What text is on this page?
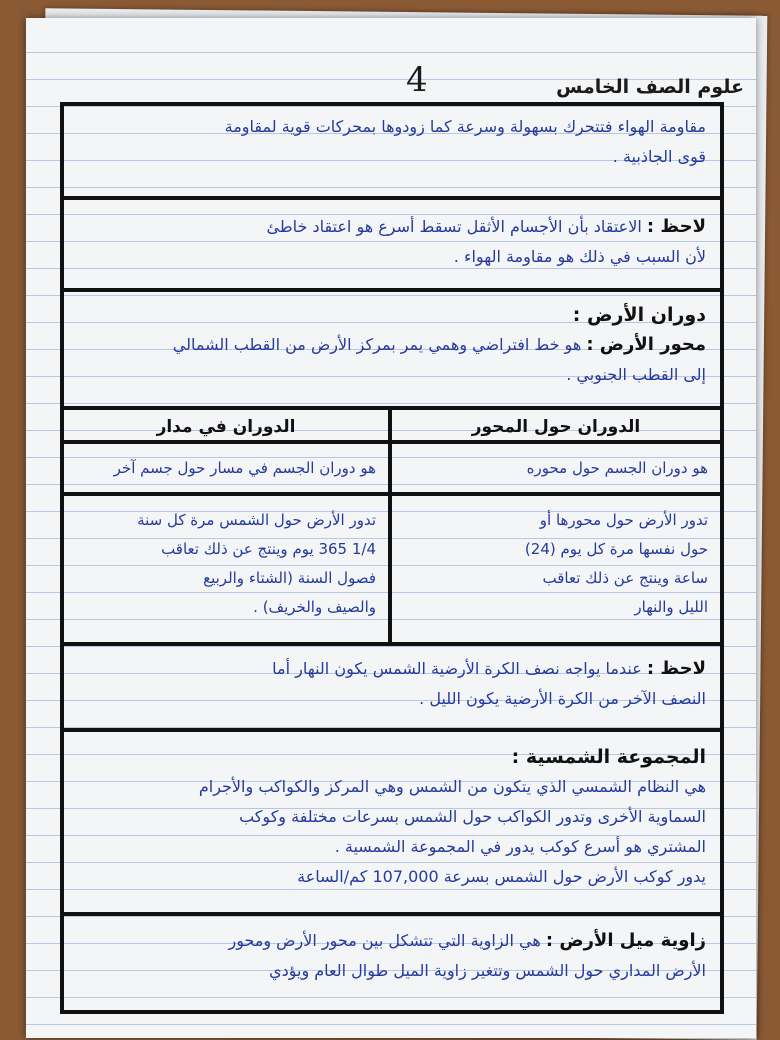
4	علوم الصف الخامس
مقاومة الهواء فتتحرك بسهولة وسرعة كما زودوها بمحركات قوية لمقاومة
قوى الجاذبية .
لاحظ : الاعتقاد بأن الأجسام الأثقل تسقط أسرع هو اعتقاد خاطئ
لأن السبب في ذلك هو مقاومة الهواء .
دوران الأرض :
محور الأرض : هو خط افتراضي وهمي يمر بمركز الأرض من القطب الشمالي
إلى القطب الجنوبي .
الدوران حول المحور
هو دوران الجسم حول محوره
تدور الأرض حول محورها أو
حول نفسها مرة كل يوم (24)
ساعة وينتج عن ذلك تعاقب
الليل والنهار
الدوران في مدار
هو دوران الجسم في مسار حول جسم آخر
تدور الأرض حول الشمس مرة كل سنة
1/4 365 يوم وينتج عن ذلك تعاقب
فصول السنة (الشتاء والربيع
والصيف والخريف) .
لاحظ : عندما يواجه نصف الكرة الأرضية الشمس يكون النهار أما
النصف الآخر من الكرة الأرضية يكون الليل .
المجموعة الشمسية :
هي النظام الشمسي الذي يتكون من الشمس وهي المركز والكواكب والأجرام
السماوية الأخرى وتدور الكواكب حول الشمس بسرعات مختلفة وكوكب
المشتري هو أسرع كوكب يدور في المجموعة الشمسية .
يدور كوكب الأرض حول الشمس بسرعة 107,000 كم/الساعة
زاوية ميل الأرض : هي الزاوية التي تتشكل بين محور الأرض ومحور
الأرض المداري حول الشمس وتتغير زاوية الميل طوال العام ويؤدي
